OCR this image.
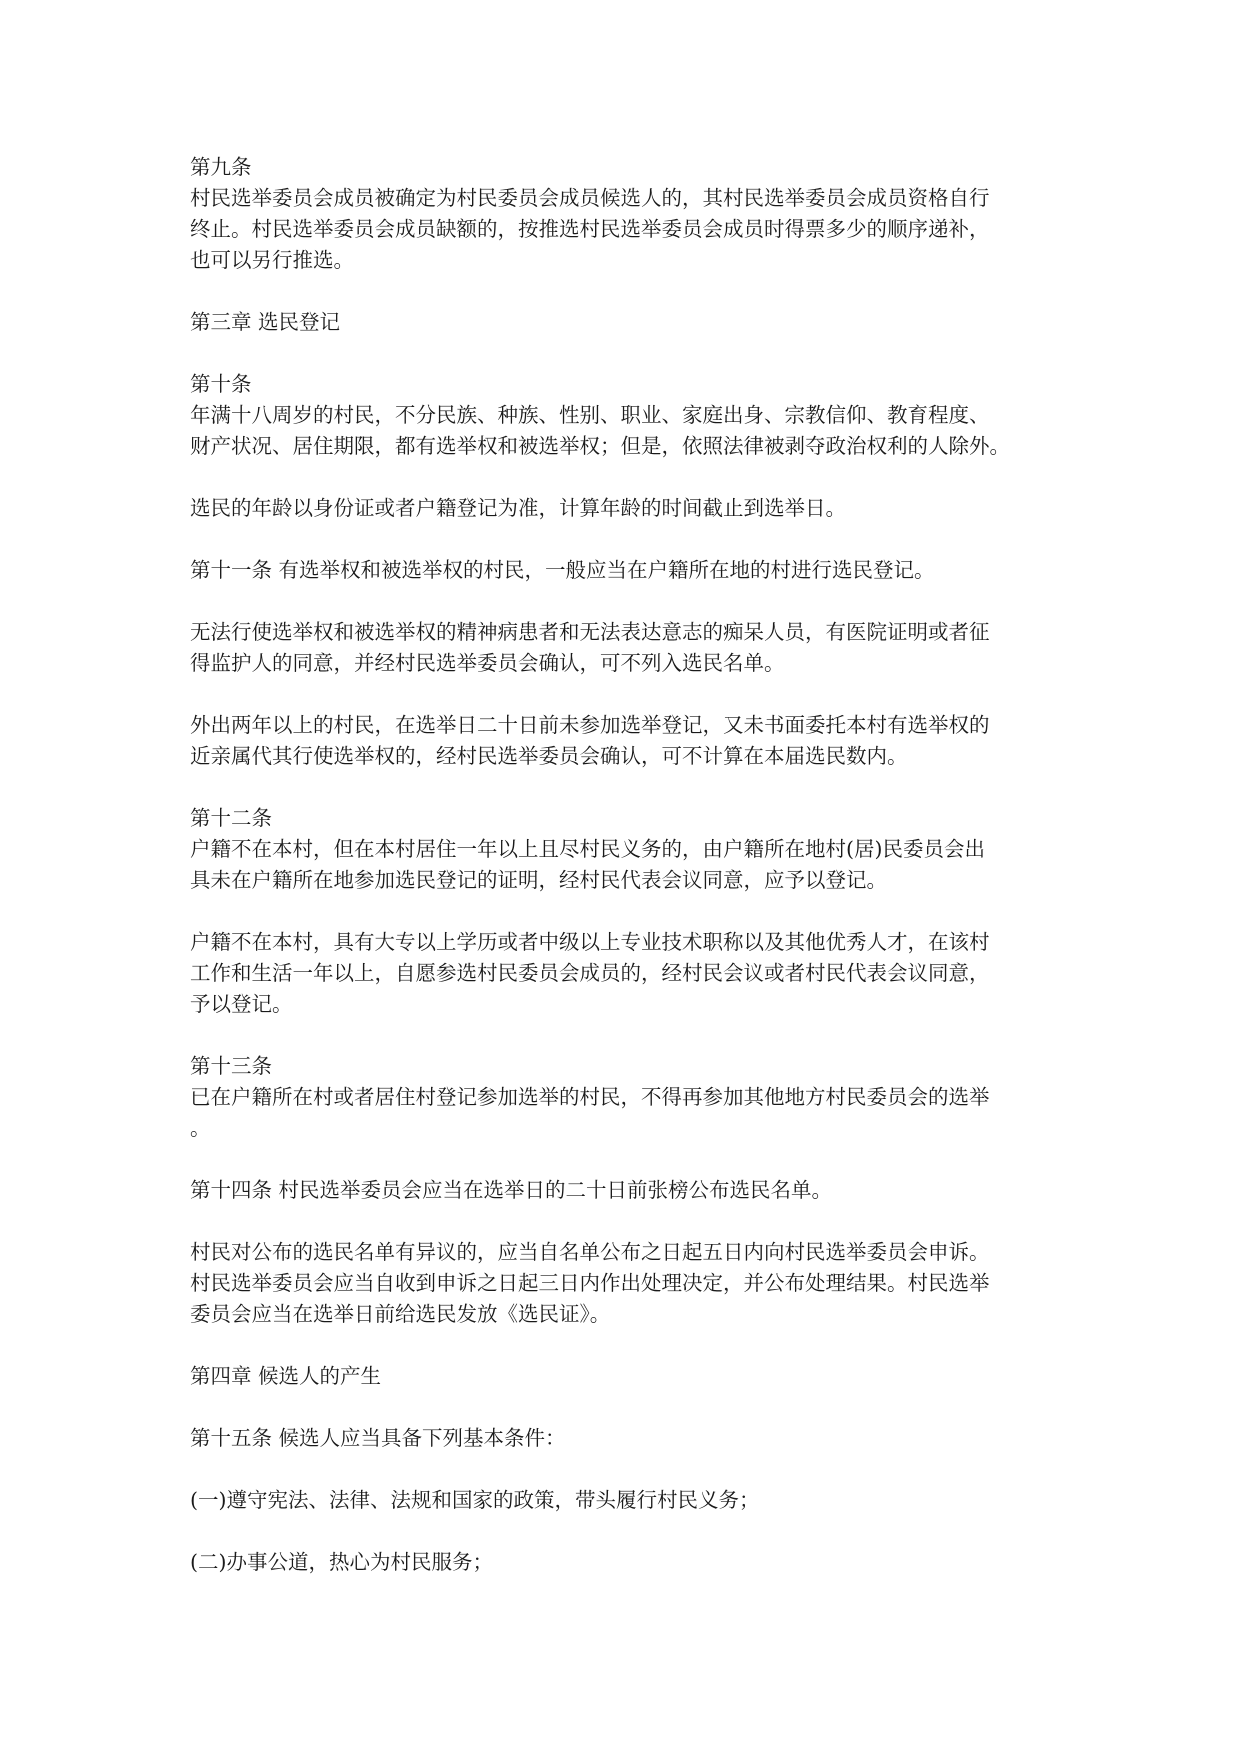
第九条
村民选举委员会成员被确定为村民委员会成员候选人的，其村民选举委员会成员资格自行
终止。村民选举委员会成员缺额的，按推选村民选举委员会成员时得票多少的顺序递补，
也可以另行推选。
第三章 选民登记
第十条
年满十八周岁的村民，不分民族、种族、性别、职业、家庭出身、宗教信仰、教育程度、
财产状况、居住期限，都有选举权和被选举权；但是，依照法律被剥夺政治权利的人除外。
选民的年龄以身份证或者户籍登记为准，计算年龄的时间截止到选举日。
第十一条 有选举权和被选举权的村民，一般应当在户籍所在地的村进行选民登记。
无法行使选举权和被选举权的精神病患者和无法表达意志的痴呆人员，有医院证明或者征
得监护人的同意，并经村民选举委员会确认，可不列入选民名单。
外出两年以上的村民，在选举日二十日前未参加选举登记，又未书面委托本村有选举权的
近亲属代其行使选举权的，经村民选举委员会确认，可不计算在本届选民数内。
第十二条
户籍不在本村，但在本村居住一年以上且尽村民义务的，由户籍所在地村(居)民委员会出
具未在户籍所在地参加选民登记的证明，经村民代表会议同意，应予以登记。
户籍不在本村，具有大专以上学历或者中级以上专业技术职称以及其他优秀人才，在该村
工作和生活一年以上，自愿参选村民委员会成员的，经村民会议或者村民代表会议同意，
予以登记。
第十三条
已在户籍所在村或者居住村登记参加选举的村民，不得再参加其他地方村民委员会的选举
。
第十四条 村民选举委员会应当在选举日的二十日前张榜公布选民名单。
村民对公布的选民名单有异议的，应当自名单公布之日起五日内向村民选举委员会申诉。
村民选举委员会应当自收到申诉之日起三日内作出处理决定，并公布处理结果。村民选举
委员会应当在选举日前给选民发放《选民证》。
第四章 候选人的产生
第十五条 候选人应当具备下列基本条件：
(一)遵守宪法、法律、法规和国家的政策，带头履行村民义务；
(二)办事公道，热心为村民服务；
